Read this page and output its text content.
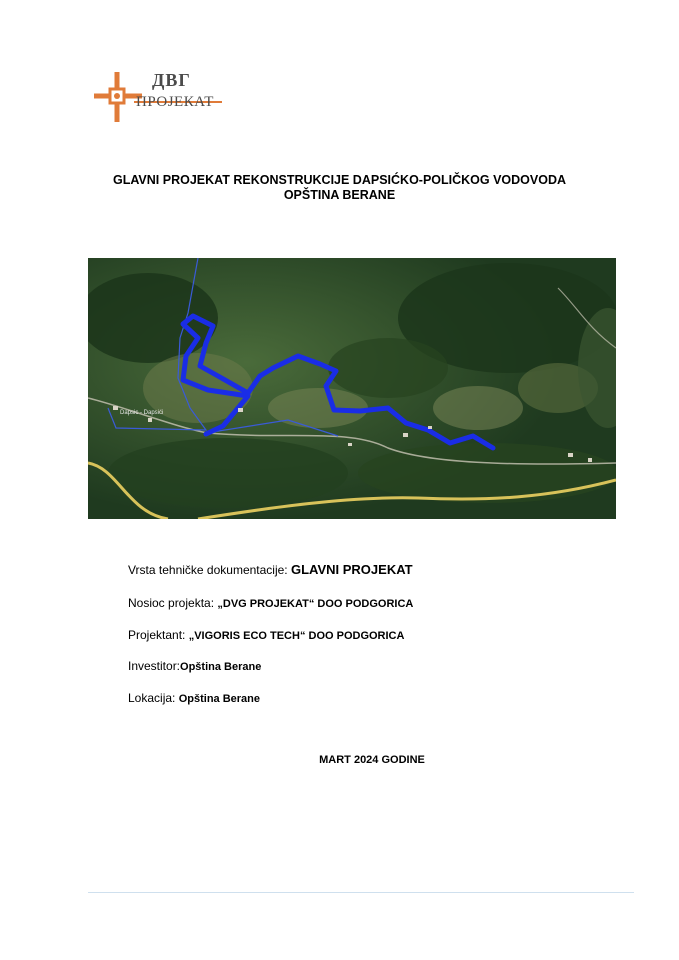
ДВГ
ПРОЈЕКАТ
GLAVNI PROJEKAT REKONSTRUKCIJE DAPSIĆKO-POLIČKOG VODOVODA
OPŠTINA BERANE
Dapsic - Dapsići
Vrsta tehničke dokumentacije: GLAVNI PROJEKAT
Nosioc projekta: „DVG PROJEKAT“ DOO PODGORICA
Projektant: „VIGORIS ECO TECH“ DOO PODGORICA
Investitor:Opština Berane
Lokacija: Opština Berane
MART 2024 GODINE
